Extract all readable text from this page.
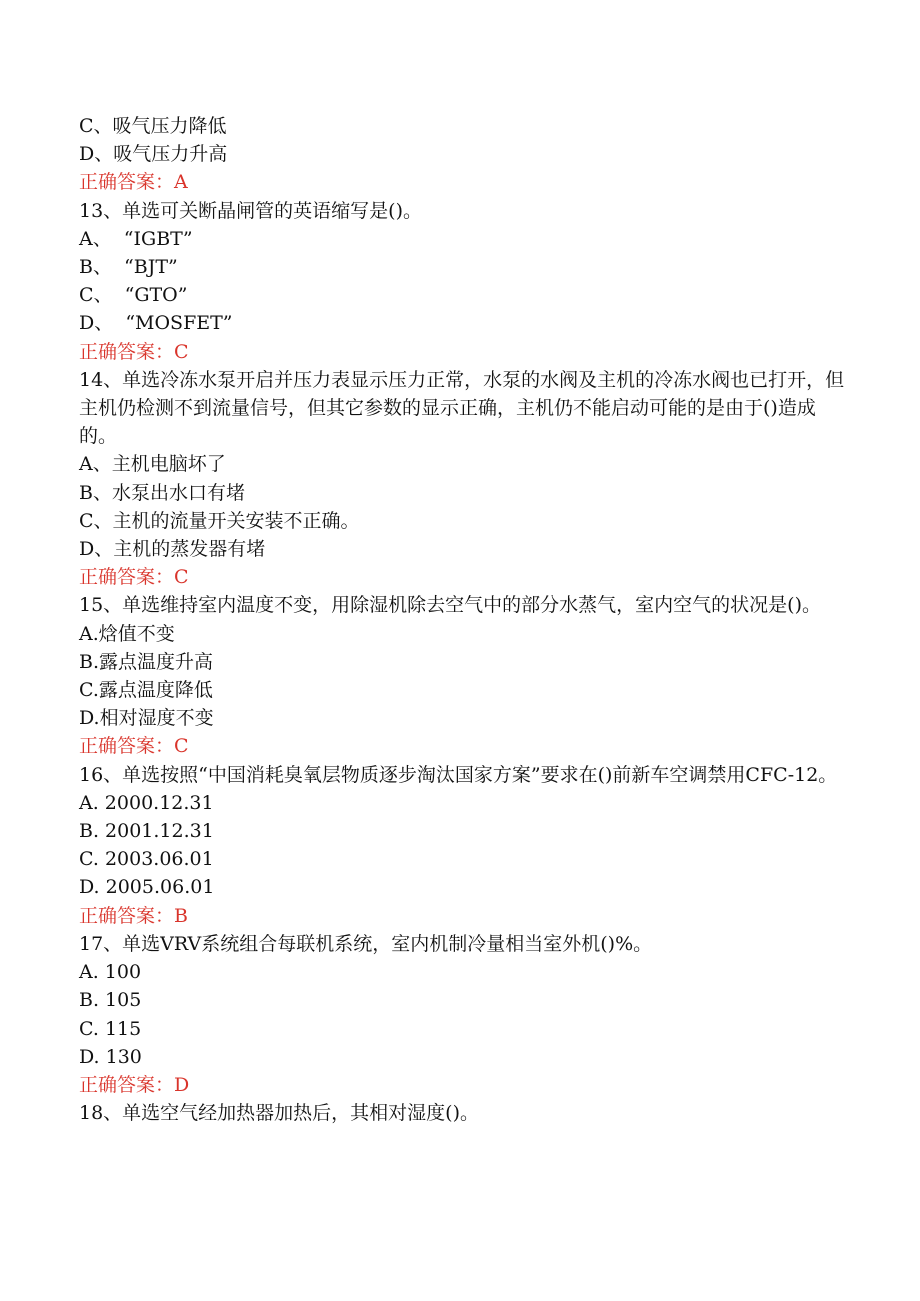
C、吸气压力降低

D、吸气压力升高

正确答案：A

13、单选可关断晶闸管的英语缩写是()。

A、  “IGBT”

B、  “BJT”

C、  “GTO”

D、  “MOSFET”

正确答案：C

14、单选冷冻水泵开启并压力表显示压力正常，水泵的水阀及主机的冷冻水阀也已打开，但主机仍检测不到流量信号，但其它参数的显示正确，主机仍不能启动可能的是由于()造成的。

A、主机电脑坏了

B、水泵出水口有堵

C、主机的流量开关安装不正确。

D、主机的蒸发器有堵

正确答案：C

15、单选维持室内温度不变，用除湿机除去空气中的部分水蒸气，室内空气的状况是()。

A.焓值不变

B.露点温度升高

C.露点温度降低

D.相对湿度不变

正确答案：C

16、单选按照“中国消耗臭氧层物质逐步淘汰国家方案”要求在()前新车空调禁用CFC-12。

A. 2000.12.31

B. 2001.12.31

C. 2003.06.01

D. 2005.06.01

正确答案：B

17、单选VRV系统组合每联机系统，室内机制冷量相当室外机()%。

A. 100

B. 105

C. 115

D. 130

正确答案：D

18、单选空气经加热器加热后，其相对湿度()。
